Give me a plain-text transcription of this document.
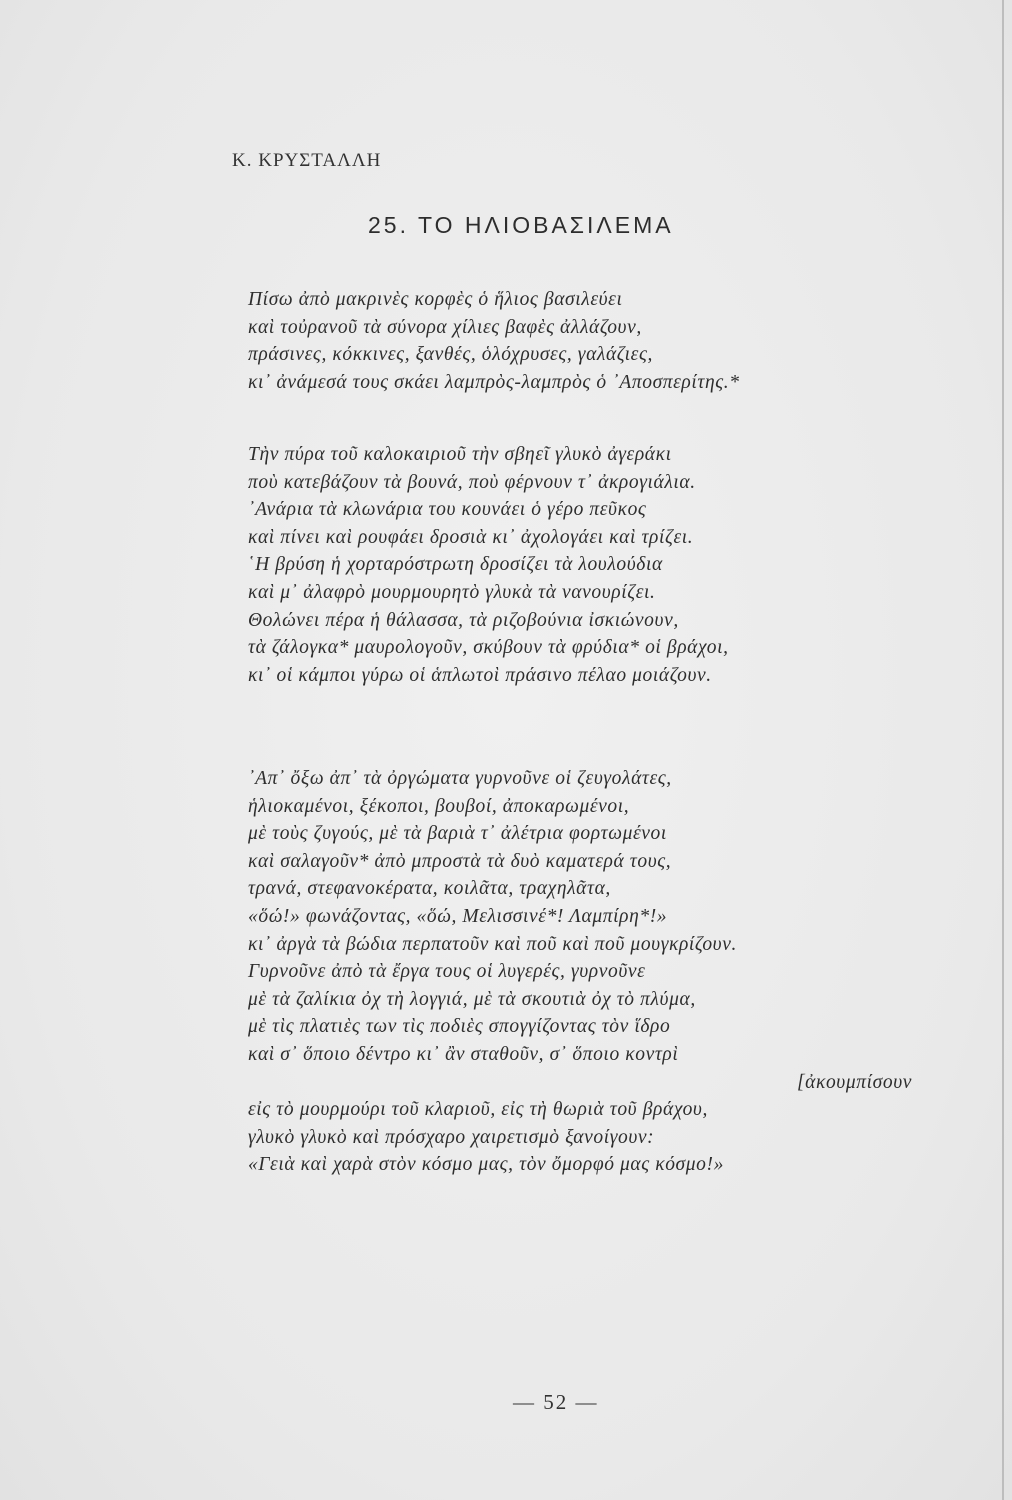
Κ. ΚΡΥΣΤΑΛΛΗ
25. ΤΟ ΗΛΙΟΒΑΣΙΛΕΜΑ
Πίσω ἀπὸ μακρινὲς κορφὲς ὁ ἥλιος βασιλεύει
καὶ τοὐρανοῦ τὰ σύνορα χίλιες βαφὲς ἀλλάζουν,
πράσινες, κόκκινες, ξανθές, ὁλόχρυσες, γαλάζιες,
κι᾿ ἀνάμεσά τους σκάει λαμπρὸς-λαμπρὸς ὁ ᾿Αποσπερίτης.*
Τὴν πύρα τοῦ καλοκαιριοῦ τὴν σβηεῖ γλυκὸ ἀγεράκι
ποὺ κατεβάζουν τὰ βουνά, ποὺ φέρνουν τ᾿ ἀκρογιάλια.
᾿Ανάρια τὰ κλωνάρια του κουνάει ὁ γέρο πεῦκος
καὶ πίνει καὶ ρουφάει δροσιὰ κι᾿ ἀχολογάει καὶ τρίζει.
῾Η βρύση ἡ χορταρόστρωτη δροσίζει τὰ λουλούδια
καὶ μ᾿ ἀλαφρὸ μουρμουρητὸ γλυκὰ τὰ νανουρίζει.
Θολώνει πέρα ἡ θάλασσα, τὰ ριζοβούνια ἰσκιώνουν,
τὰ ζάλογκα* μαυρολογοῦν, σκύβουν τὰ φρύδια* οἱ βράχοι,
κι᾿ οἱ κάμποι γύρω οἱ ἁπλωτοὶ πράσινο πέλαο μοιάζουν.
᾿Απ᾿ ὄξω ἀπ᾿ τὰ ὀργώματα γυρνοῦνε οἱ ζευγολάτες,
ἡλιοκαμένοι, ξέκοποι, βουβοί, ἀποκαρωμένοι,
μὲ τοὺς ζυγούς, μὲ τὰ βαριὰ τ᾿ ἀλέτρια φορτωμένοι
καὶ σαλαγοῦν* ἀπὸ μπροστὰ τὰ δυὸ καματερά τους,
τρανά, στεφανοκέρατα, κοιλᾶτα, τραχηλᾶτα,
«ὅώ!» φωνάζοντας, «ὅώ, Μελισσινέ*! Λαμπίρη*!»
κι᾿ ἀργὰ τὰ βώδια περπατοῦν καὶ ποῦ καὶ ποῦ μουγκρίζουν.
Γυρνοῦνε ἀπὸ τὰ ἔργα τους οἱ λυγερές, γυρνοῦνε
μὲ τὰ ζαλίκια ὀχ τὴ λογγιά, μὲ τὰ σκουτιὰ ὀχ τὸ πλύμα,
μὲ τὶς πλατιὲς των τὶς ποδιὲς σπογγίζοντας τὸν ἵδρο
καὶ σ᾿ ὅποιο δέντρο κι᾿ ἂν σταθοῦν, σ᾿ ὅποιο κοντρὶ
[ἀκουμπίσουν
εἰς τὸ μουρμούρι τοῦ κλαριοῦ, εἰς τὴ θωριὰ τοῦ βράχου,
γλυκὸ γλυκὸ καὶ πρόσχαρο χαιρετισμὸ ξανοίγουν:
«Γειὰ καὶ χαρὰ στὸν κόσμο μας, τὸν ὄμορφό μας κόσμο!»
— 52 —
